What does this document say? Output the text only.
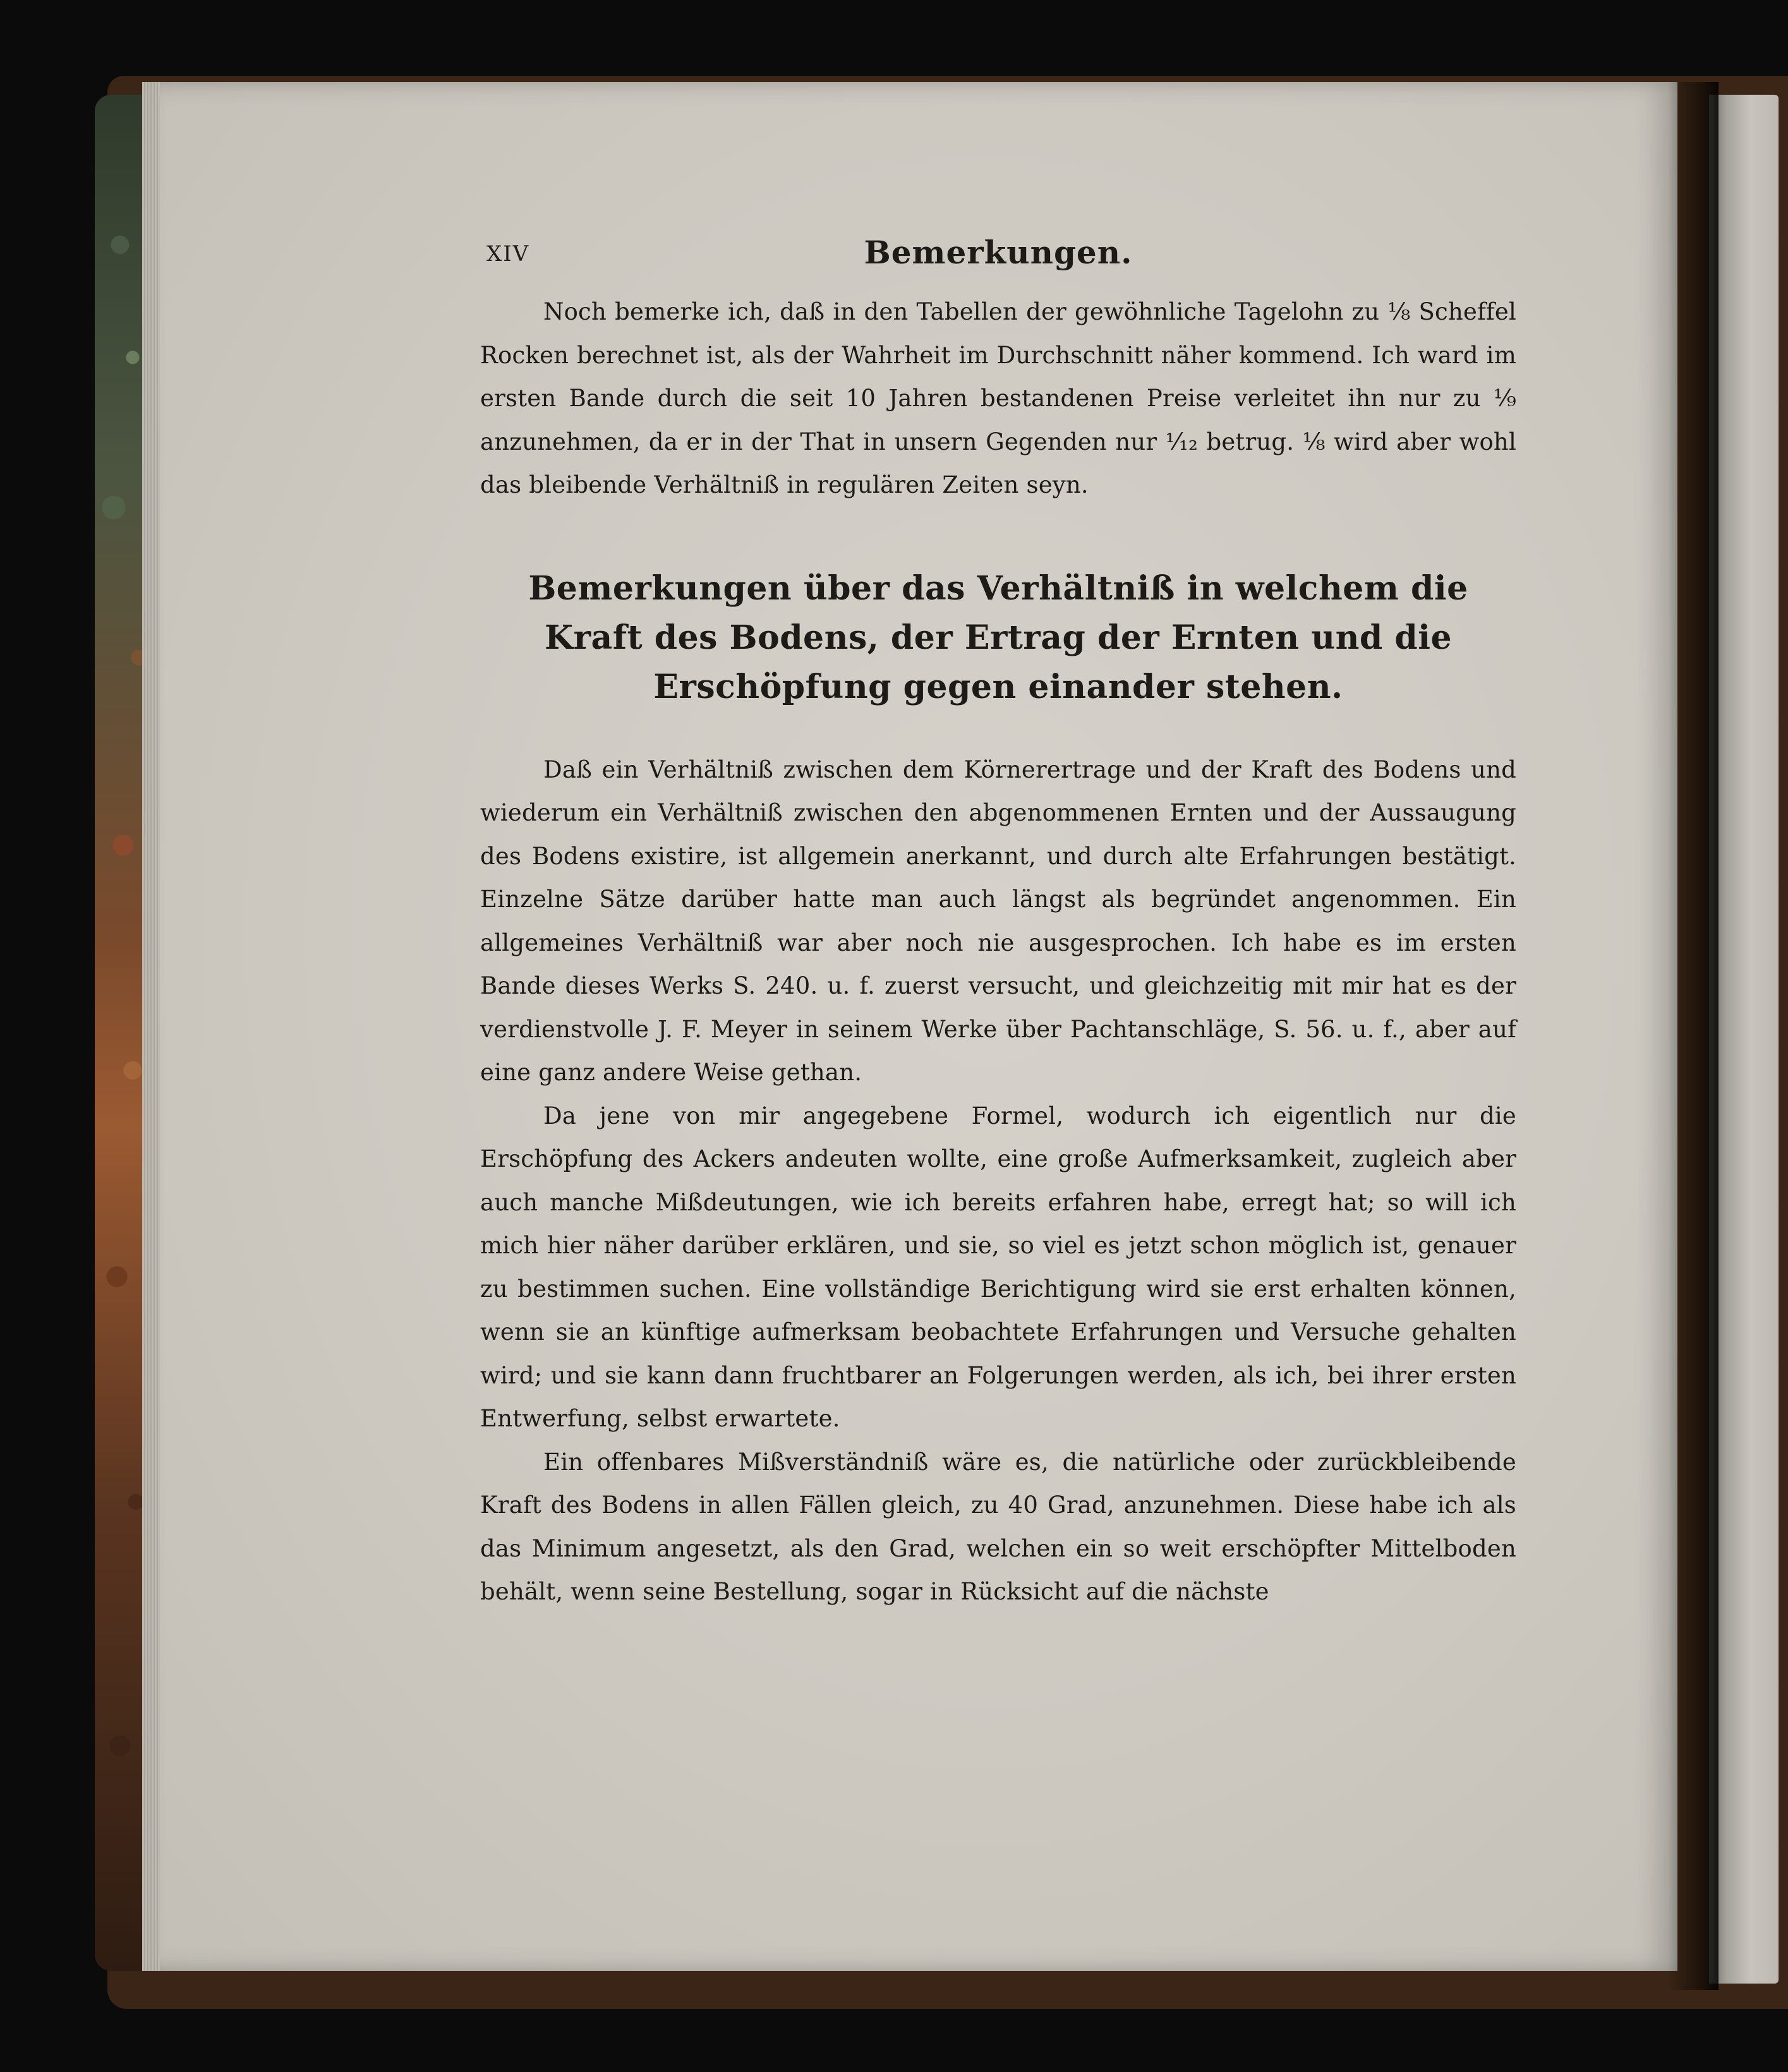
XIV	Bemerkungen.

Noch bemerke ich, daß in den Tabellen der gewöhnliche Tagelohn zu ⅛ Scheffel Rocken berechnet ist, als der Wahrheit im Durchschnitt näher kommend. Ich ward im ersten Bande durch die seit 10 Jahren bestandenen Preise verleitet ihn nur zu ⅑ anzunehmen, da er in der That in unsern Gegenden nur ¹⁄₁₂ betrug. ⅛ wird aber wohl das bleibende Verhältniß in regulären Zeiten seyn.

Bemerkungen über das Verhältniß in welchem die Kraft des Bodens, der Ertrag der Ernten und die Erschöpfung gegen einander stehen.

Daß ein Verhältniß zwischen dem Körnerertrage und der Kraft des Bodens und wiederum ein Verhältniß zwischen den abgenommenen Ernten und der Aussaugung des Bodens existire, ist allgemein anerkannt, und durch alte Erfahrungen bestätigt. Einzelne Sätze darüber hatte man auch längst als begründet angenommen. Ein allgemeines Verhältniß war aber noch nie ausgesprochen. Ich habe es im ersten Bande dieses Werks S. 240. u. f. zuerst versucht, und gleichzeitig mit mir hat es der verdienstvolle J. F. Meyer in seinem Werke über Pachtanschläge, S. 56. u. f., aber auf eine ganz andere Weise gethan.

Da jene von mir angegebene Formel, wodurch ich eigentlich nur die Erschöpfung des Ackers andeuten wollte, eine große Aufmerksamkeit, zugleich aber auch manche Mißdeutungen, wie ich bereits erfahren habe, erregt hat; so will ich mich hier näher darüber erklären, und sie, so viel es jetzt schon möglich ist, genauer zu bestimmen suchen. Eine vollständige Berichtigung wird sie erst erhalten können, wenn sie an künftige aufmerksam beobachtete Erfahrungen und Versuche gehalten wird; und sie kann dann fruchtbarer an Folgerungen werden, als ich, bei ihrer ersten Entwerfung, selbst erwartete.

Ein offenbares Mißverständniß wäre es, die natürliche oder zurückbleibende Kraft des Bodens in allen Fällen gleich, zu 40 Grad, anzunehmen. Diese habe ich als das Minimum angesetzt, als den Grad, welchen ein so weit erschöpfter Mittelboden behält, wenn seine Bestellung, sogar in Rücksicht auf die nächste
